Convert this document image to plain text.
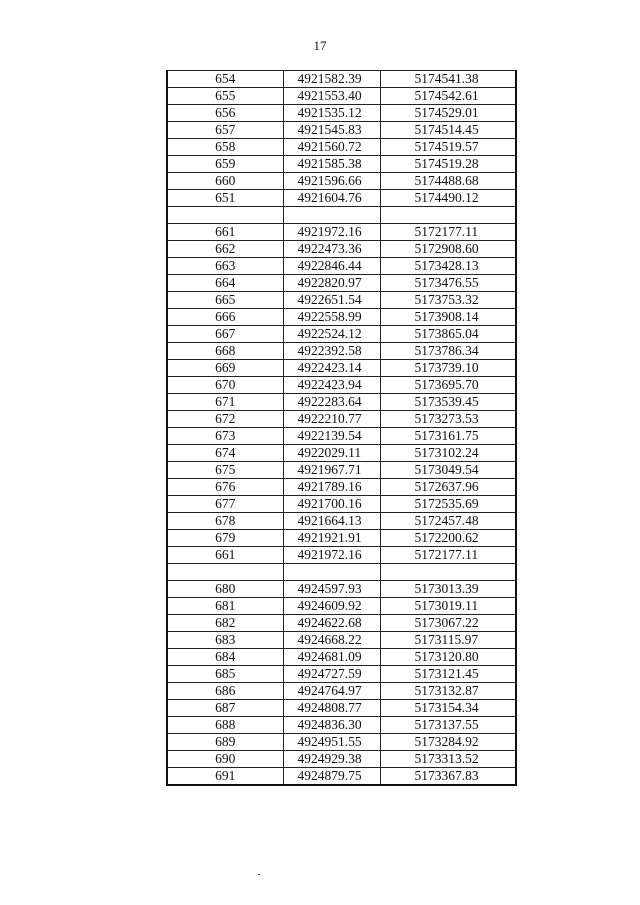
17
654	4921582.39	5174541.38
655	4921553.40	5174542.61
656	4921535.12	5174529.01
657	4921545.83	5174514.45
658	4921560.72	5174519.57
659	4921585.38	5174519.28
660	4921596.66	5174488.68
651	4921604.76	5174490.12

661	4921972.16	5172177.11
662	4922473.36	5172908.60
663	4922846.44	5173428.13
664	4922820.97	5173476.55
665	4922651.54	5173753.32
666	4922558.99	5173908.14
667	4922524.12	5173865.04
668	4922392.58	5173786.34
669	4922423.14	5173739.10
670	4922423.94	5173695.70
671	4922283.64	5173539.45
672	4922210.77	5173273.53
673	4922139.54	5173161.75
674	4922029.11	5173102.24
675	4921967.71	5173049.54
676	4921789.16	5172637.96
677	4921700.16	5172535.69
678	4921664.13	5172457.48
679	4921921.91	5172200.62
661	4921972.16	5172177.11

680	4924597.93	5173013.39
681	4924609.92	5173019.11
682	4924622.68	5173067.22
683	4924668.22	5173115.97
684	4924681.09	5173120.80
685	4924727.59	5173121.45
686	4924764.97	5173132.87
687	4924808.77	5173154.34
688	4924836.30	5173137.55
689	4924951.55	5173284.92
690	4924929.38	5173313.52
691	4924879.75	5173367.83
